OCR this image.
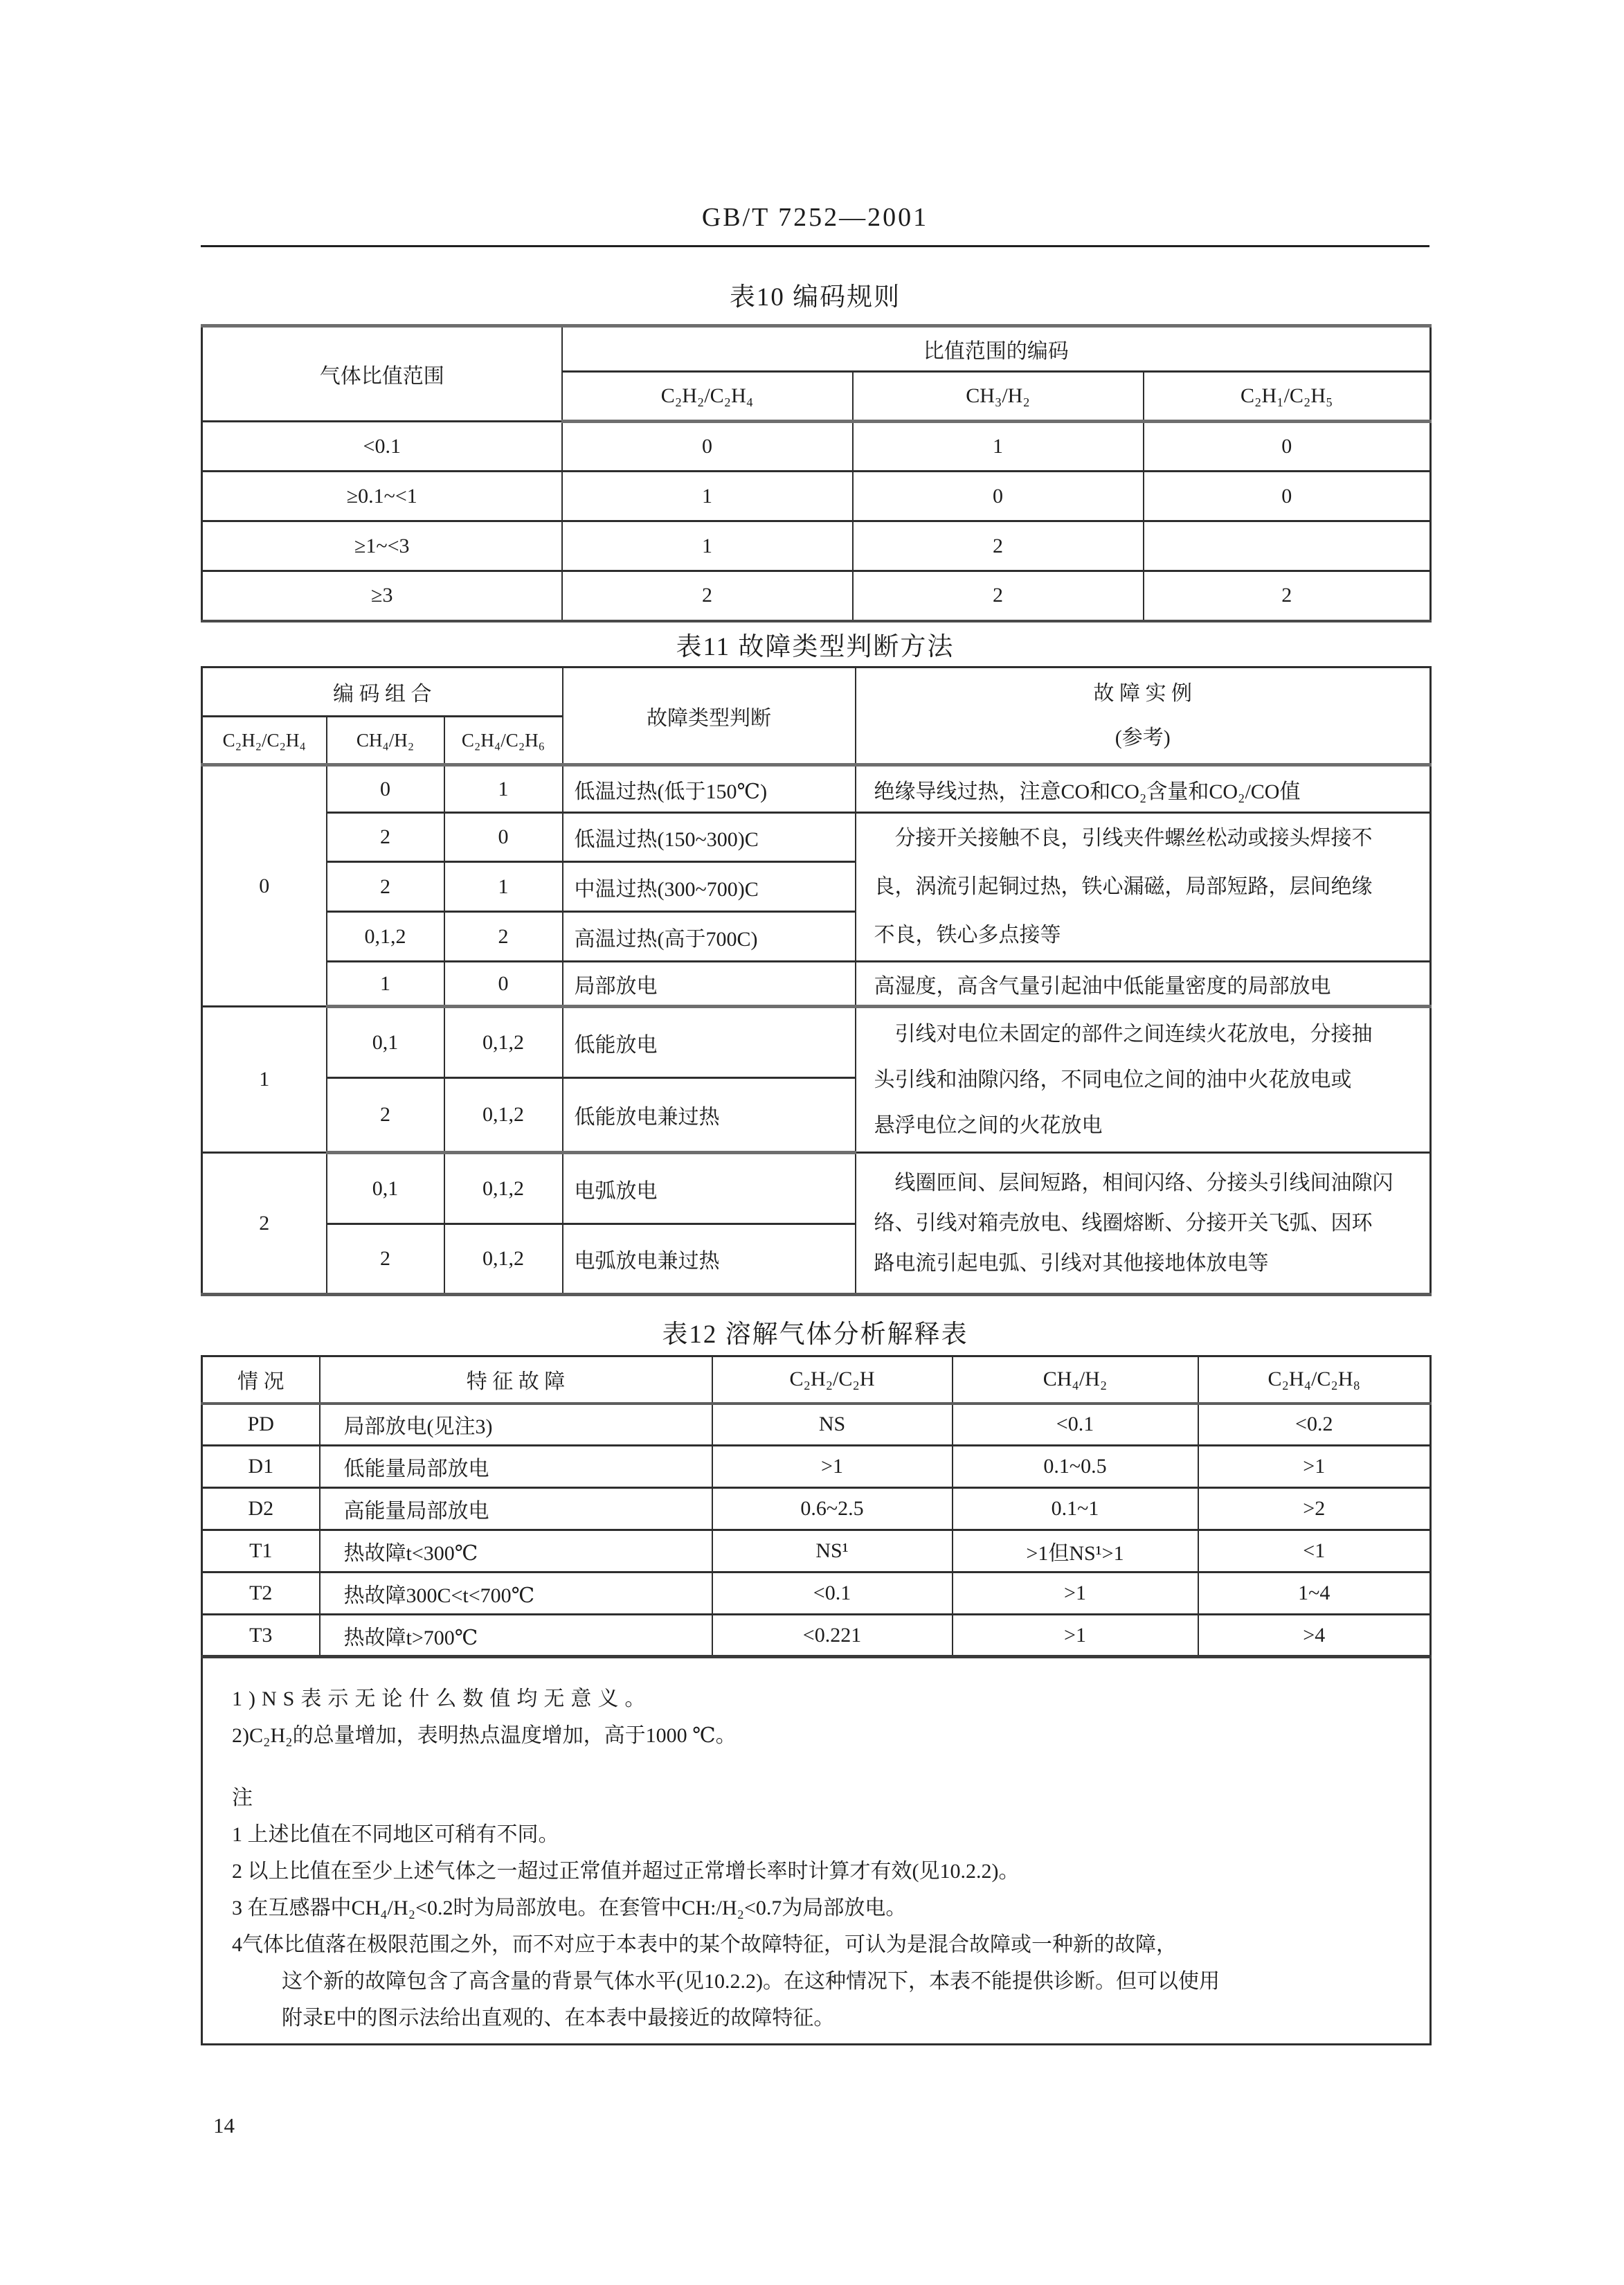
GB/T 7252—2001
表10 编码规则
气体比值范围	比值范围的编码		
	C₂H₂/C₂H₄	CH₃/H₂	C₂H₁/C₂H₅
<0.1	0	1	0
≥0.1~<1	1	0	0
≥1~<3	1	2	
≥3	2	2	2
表11 故障类型判断方法
编 码 组 合			故障类型判断	故 障 实 例
(参考)

C₂H₂/C₂H₄	CH₄/H₂	C₂H₄/C₂H₆		
0	0	1	低温过热(低于150℃)	绝缘导线过热，注意CO和CO₂含量和CO₂/CO值
	2	0	低温过热(150~300)C	分接开关接触不良，引线夹件螺丝松动或接头焊接不
良，涡流引起铜过热，铁心漏磁，局部短路，层间绝缘
不良，铁心多点接等

	2	1	中温过热(300~700)C	
	0,1,2	2	高温过热(高于700C)	
	1	0	局部放电	高湿度，高含气量引起油中低能量密度的局部放电
1	0,1	0,1,2	低能放电	引线对电位未固定的部件之间连续火花放电，分接抽
头引线和油隙闪络，不同电位之间的油中火花放电或
悬浮电位之间的火花放电

	2	0,1,2	低能放电兼过热	
2	0,1	0,1,2	电弧放电	线圈匝间、层间短路，相间闪络、分接头引线间油隙闪
络、引线对箱壳放电、线圈熔断、分接开关飞弧、因环
路电流引起电弧、引线对其他接地体放电等

	2	0,1,2	电弧放电兼过热	
表12 溶解气体分析解释表
情 况	特 征 故 障	C₂H₂/C₂H	CH₄/H₂	C₂H₄/C₂H₈
PD	局部放电(见注3)	NS	<0.1	<0.2
D1	低能量局部放电	>1	0.1~0.5	>1
D2	高能量局部放电	0.6~2.5	0.1~1	>2
T1	热故障t<300℃	NS¹	>1但NS¹>1	<1
T2	热故障300C<t<700℃	<0.1	>1	1~4
T3	热故障t>700℃	<0.221	>1	>4

1)NS表示无论什么数值均无意义。
2)C₂H₂的总量增加，表明热点温度增加，高于1000 ℃。
注
1 上述比值在不同地区可稍有不同。
2 以上比值在至少上述气体之一超过正常值并超过正常增长率时计算才有效(见10.2.2)。
3 在互感器中CH₄/H₂<0.2时为局部放电。在套管中CH:/H₂<0.7为局部放电。
4气体比值落在极限范围之外，而不对应于本表中的某个故障特征，可认为是混合故障或一种新的故障，
这个新的故障包含了高含量的背景气体水平(见10.2.2)。在这种情况下，本表不能提供诊断。但可以使用
附录E中的图示法给出直观的、在本表中最接近的故障特征。
14
